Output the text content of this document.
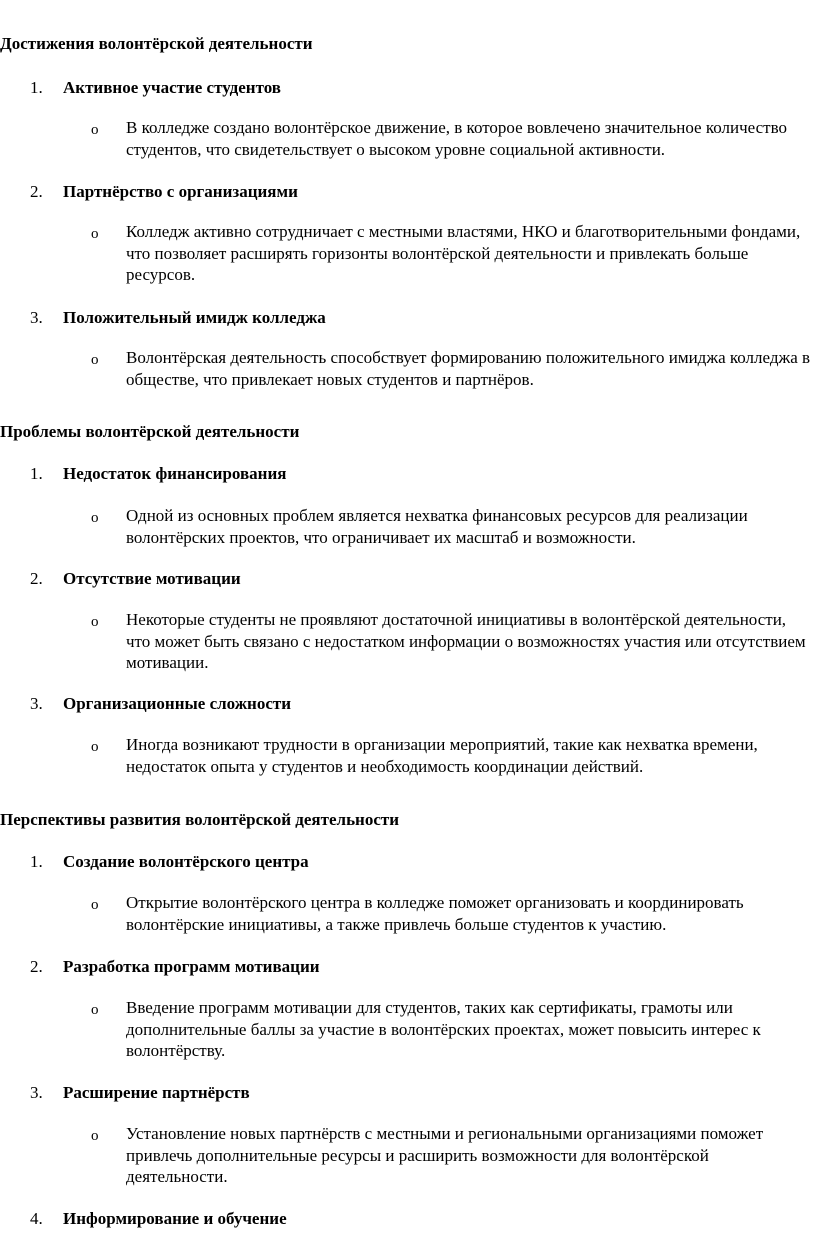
Достижения волонтёрской деятельности
1.	Активное участие студентов
o В колледже создано волонтёрское движение, в которое вовлечено значительное количество студентов, что свидетельствует о высоком уровне социальной активности.

2.	Партнёрство с организациями
o Колледж активно сотрудничает с местными властями, НКО и благотворительными фондами, что позволяет расширять горизонты волонтёрской деятельности и привлекать больше ресурсов.

3.	Положительный имидж колледжа
o Волонтёрская деятельность способствует формированию положительного имиджа колледжа в обществе, что привлекает новых студентов и партнёров.

Проблемы волонтёрской деятельности
1.	Недостаток финансирования
o Одной из основных проблем является нехватка финансовых ресурсов для реализации волонтёрских проектов, что ограничивает их масштаб и возможности.

2.	Отсутствие мотивации
o Некоторые студенты не проявляют достаточной инициативы в волонтёрской деятельности, что может быть связано с недостатком информации о возможностях участия или отсутствием мотивации.

3.	Организационные сложности
o Иногда возникают трудности в организации мероприятий, такие как нехватка времени, недостаток опыта у студентов и необходимость координации действий.

Перспективы развития волонтёрской деятельности
1.	Создание волонтёрского центра
o Открытие волонтёрского центра в колледже поможет организовать и координировать волонтёрские инициативы, а также привлечь больше студентов к участию.

2.	Разработка программ мотивации
o Введение программ мотивации для студентов, таких как сертификаты, грамоты или дополнительные баллы за участие в волонтёрских проектах, может повысить интерес к волонтёрству.

3.	Расширение партнёрств
o Установление новых партнёрств с местными и региональными организациями поможет привлечь дополнительные ресурсы и расширить возможности для волонтёрской деятельности.

4.	Информирование и обучение
